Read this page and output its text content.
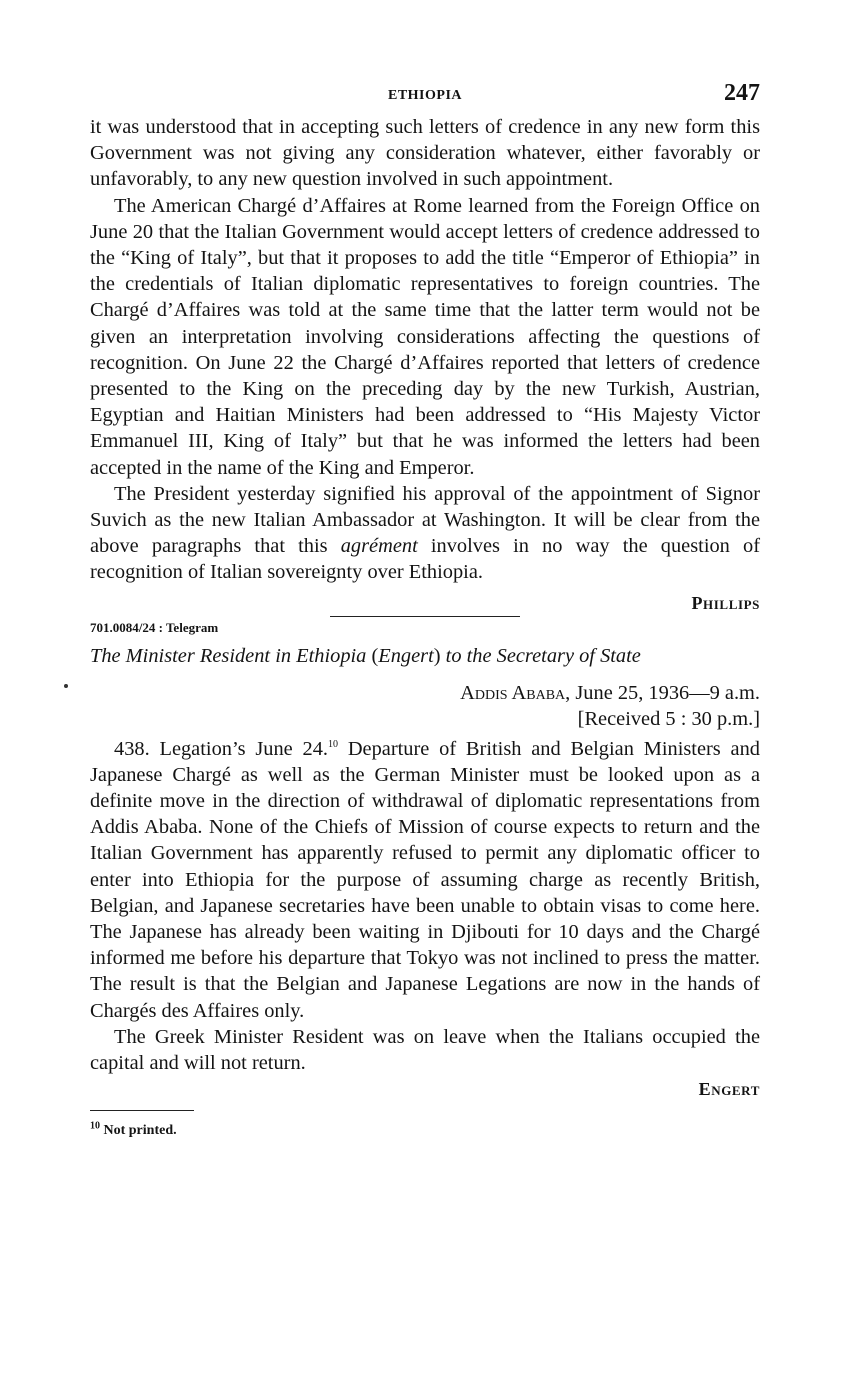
ETHIOPIA	247

it was understood that in accepting such letters of credence in any new form this Government was not giving any consideration whatever, either favorably or unfavorably, to any new question involved in such appointment.

The American Chargé d’Affaires at Rome learned from the Foreign Office on June 20 that the Italian Government would accept letters of credence addressed to the “King of Italy”, but that it proposes to add the title “Emperor of Ethiopia” in the credentials of Italian diplomatic representatives to foreign countries. The Chargé d’Affaires was told at the same time that the latter term would not be given an interpretation involving considerations affecting the questions of recognition. On June 22 the Chargé d’Affaires reported that letters of credence presented to the King on the preceding day by the new Turkish, Austrian, Egyptian and Haitian Ministers had been addressed to “His Majesty Victor Emmanuel III, King of Italy” but that he was informed the letters had been accepted in the name of the King and Emperor.

The President yesterday signified his approval of the appointment of Signor Suvich as the new Italian Ambassador at Washington. It will be clear from the above paragraphs that this agrément involves in no way the question of recognition of Italian sovereignty over Ethiopia.

Phillips
701.0084/24 : Telegram
The Minister Resident in Ethiopia (Engert) to the Secretary of State
Addis Ababa, June 25, 1936—9 a.m.
[Received 5 : 30 p.m.]

438. Legation’s June 24.10 Departure of British and Belgian Ministers and Japanese Chargé as well as the German Minister must be looked upon as a definite move in the direction of withdrawal of diplomatic representations from Addis Ababa. None of the Chiefs of Mission of course expects to return and the Italian Government has apparently refused to permit any diplomatic officer to enter into Ethiopia for the purpose of assuming charge as recently British, Belgian, and Japanese secretaries have been unable to obtain visas to come here. The Japanese has already been waiting in Djibouti for 10 days and the Chargé informed me before his departure that Tokyo was not inclined to press the matter. The result is that the Belgian and Japanese Legations are now in the hands of Chargés des Affaires only.

The Greek Minister Resident was on leave when the Italians occupied the capital and will not return.

Engert
$^{10}$ Not printed.
